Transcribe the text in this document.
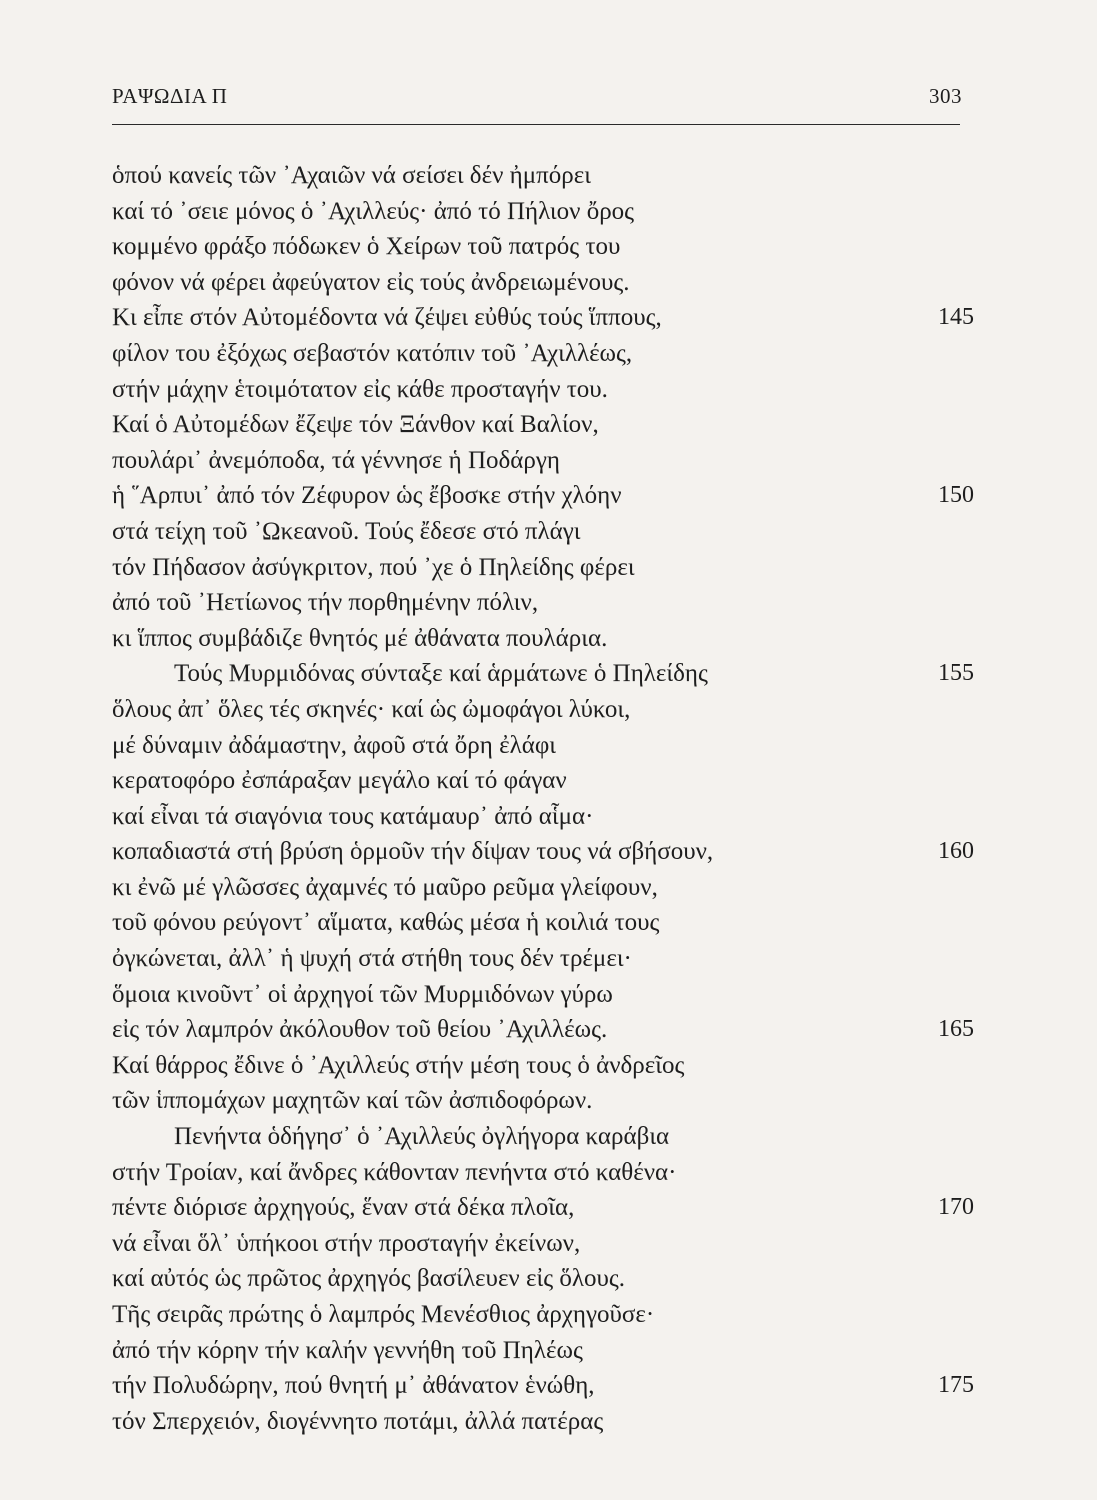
ΡΑΨΩΔΙΑ Π	303
ὁπού κανείς τῶν ᾿Αχαιῶν νά σείσει δέν ἠμπόρει
καί τό ᾿σειε μόνος ὁ ᾿Αχιλλεύς· ἀπό τό Πήλιον ὄρος
κομμένο φράξο πόδωκεν ὁ Χείρων τοῦ πατρός του
φόνον νά φέρει ἀφεύγατον εἰς τούς ἀνδρειωμένους.
Κι εἶπε στόν Αὐτομέδοντα νά ζέψει εὐθύς τούς ἵππους,	145
φίλον του ἐξόχως σεβαστόν κατόπιν τοῦ ᾿Αχιλλέως,
στήν μάχην ἑτοιμότατον εἰς κάθε προσταγήν του.
Καί ὁ Αὐτομέδων ἔζεψε τόν Ξάνθον καί Βαλίον,
πουλάρι᾿ ἀνεμόποδα, τά γέννησε ἡ Ποδάργη
ἡ ῞Αρπυι᾿ ἀπό τόν Ζέφυρον ὡς ἔβοσκε στήν χλόην	150
στά τείχη τοῦ ᾿Ωκεανοῦ. Τούς ἔδεσε στό πλάγι
τόν Πήδασον ἀσύγκριτον, πού ᾿χε ὁ Πηλείδης φέρει
ἀπό τοῦ ᾿Ηετίωνος τήν πορθημένην πόλιν,
κι ἵππος συμβάδιζε θνητός μέ ἀθάνατα πουλάρια.
Τούς Μυρμιδόνας σύνταξε καί ἁρμάτωνε ὁ Πηλείδης	155
ὅλους ἀπ᾿ ὅλες τές σκηνές· καί ὡς ὠμοφάγοι λύκοι,
μέ δύναμιν ἀδάμαστην, ἀφοῦ στά ὄρη ἐλάφι
κερατοφόρο ἐσπάραξαν μεγάλο καί τό φάγαν
καί εἶναι τά σιαγόνια τους κατάμαυρ᾿ ἀπό αἷμα·
κοπαδιαστά στή βρύση ὁρμοῦν τήν δίψαν τους νά σβήσουν,	160
κι ἐνῶ μέ γλῶσσες ἀχαμνές τό μαῦρο ρεῦμα γλείφουν,
τοῦ φόνου ρεύγοντ᾿ αἵματα, καθώς μέσα ἡ κοιλιά τους
ὀγκώνεται, ἀλλ᾿ ἡ ψυχή στά στήθη τους δέν τρέμει·
ὅμοια κινοῦντ᾿ οἱ ἀρχηγοί τῶν Μυρμιδόνων γύρω
εἰς τόν λαμπρόν ἀκόλουθον τοῦ θείου ᾿Αχιλλέως.	165
Καί θάρρος ἔδινε ὁ ᾿Αχιλλεύς στήν μέση τους ὁ ἀνδρεῖος
τῶν ἱππομάχων μαχητῶν καί τῶν ἀσπιδοφόρων.
Πενήντα ὁδήγησ᾿ ὁ ᾿Αχιλλεύς ὀγλήγορα καράβια
στήν Τροίαν, καί ἄνδρες κάθονταν πενήντα στό καθένα·
πέντε διόρισε ἀρχηγούς, ἕναν στά δέκα πλοῖα,	170
νά εἶναι ὅλ᾿ ὑπήκοοι στήν προσταγήν ἐκείνων,
καί αὐτός ὡς πρῶτος ἀρχηγός βασίλευεν εἰς ὅλους.
Τῆς σειρᾶς πρώτης ὁ λαμπρός Μενέσθιος ἀρχηγοῦσε·
ἀπό τήν κόρην τήν καλήν γεννήθη τοῦ Πηλέως
τήν Πολυδώρην, πού θνητή μ᾿ ἀθάνατον ἑνώθη,	175
τόν Σπερχειόν, διογέννητο ποτάμι, ἀλλά πατέρας
